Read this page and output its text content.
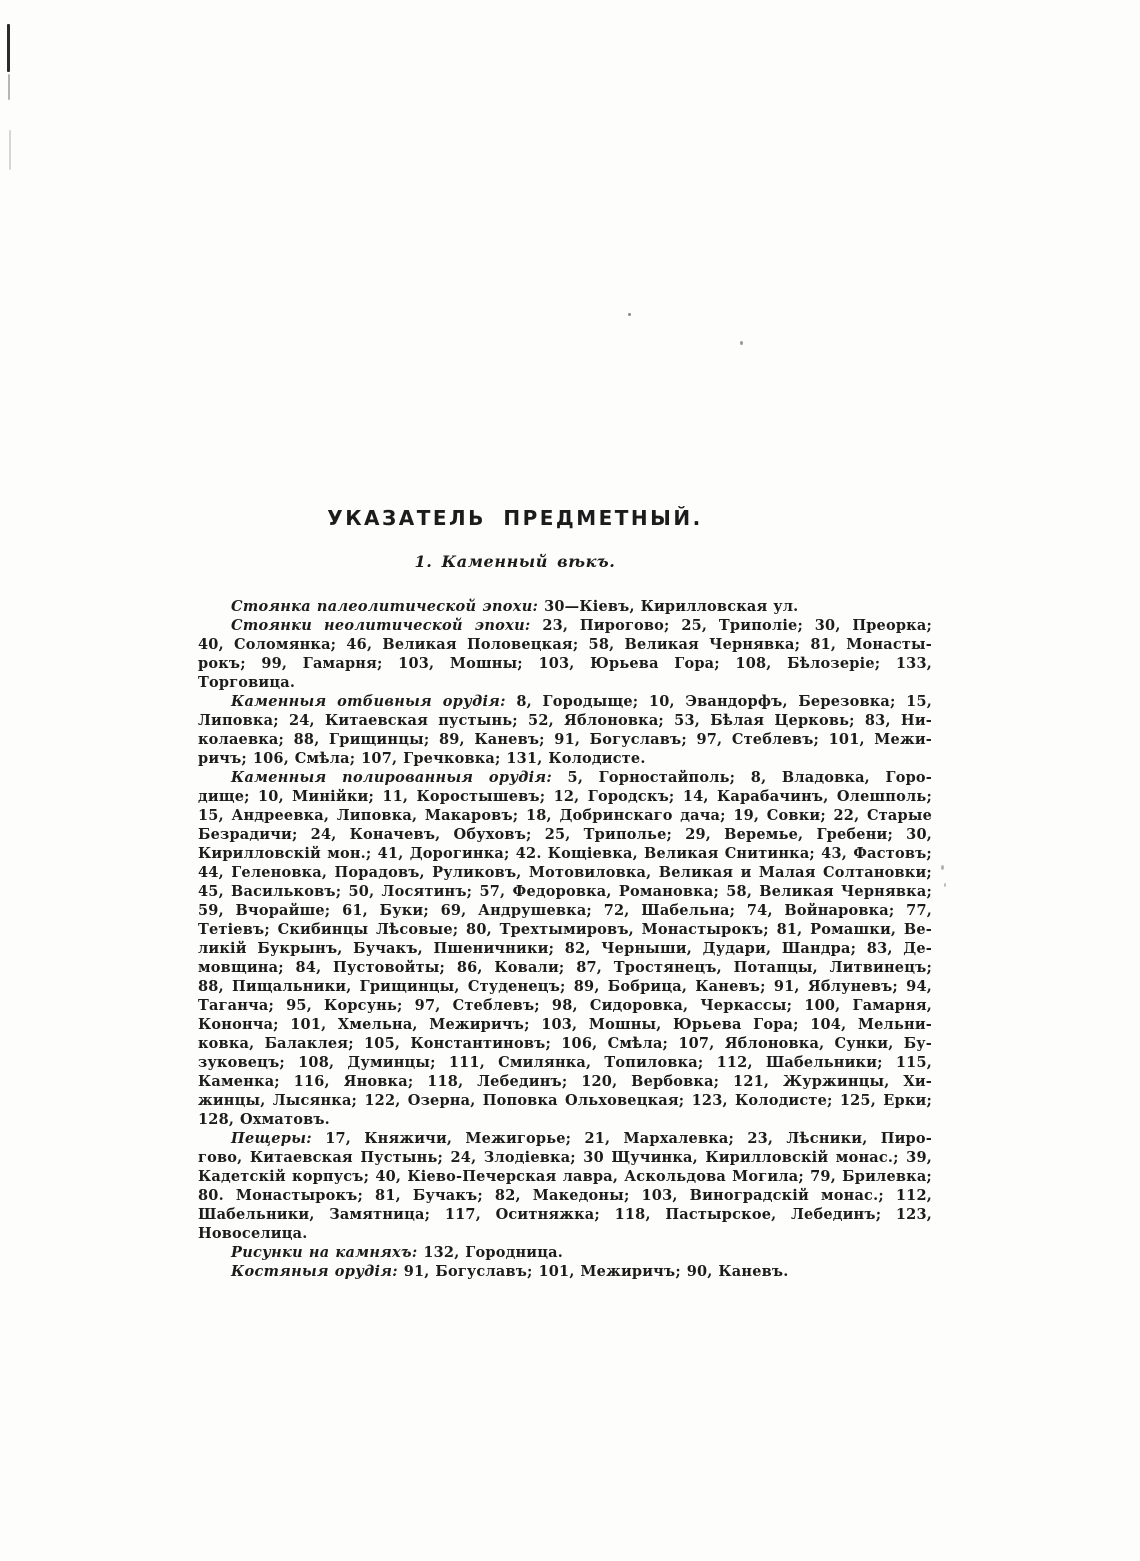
УКАЗАТЕЛЬ ПРЕДМЕТНЫЙ.
1. Каменный вѣкъ.

Стоянка палеолитической эпохи: 30—Кіевъ, Кирилловская ул.

Стоянки неолитической эпохи: 23, Пирогово; 25, Триполіе; 30, Преорка;
40, Соломянка; 46, Великая Половецкая; 58, Великая Чернявка; 81, Монасты-
рокъ; 99, Гамарня; 103, Мошны; 103, Юрьева Гора; 108, Бѣлозеріе; 133,
Торговица.

Каменныя отбивныя орудія: 8, Городыще; 10, Эвандорфъ, Березовка; 15,
Липовка; 24, Китаевская пустынь; 52, Яблоновка; 53, Бѣлая Церковь; 83, Ни-
колаевка; 88, Грищинцы; 89, Каневъ; 91, Богуславъ; 97, Стеблевъ; 101, Межи-
ричъ; 106, Смѣла; 107, Гречковка; 131, Колодисте.

Каменныя полированныя орудія: 5, Горностайполь; 8, Владовка, Горо-
дище; 10, Минійки; 11, Коростышевъ; 12, Городскъ; 14, Карабачинъ, Олешполь;
15, Андреевка, Липовка, Макаровъ; 18, Добринскаго дача; 19, Совки; 22, Старые
Безрадичи; 24, Коначевъ, Обуховъ; 25, Триполье; 29, Веремье, Гребени; 30,
Кирилловскій мон.; 41, Дорогинка; 42. Кощіевка, Великая Снитинка; 43, Фастовъ;
44, Геленовка, Порадовъ, Руликовъ, Мотовиловка, Великая и Малая Солтановки;
45, Васильковъ; 50, Лосятинъ; 57, Федоровка, Романовка; 58, Великая Чернявка;
59, Вчорайше; 61, Буки; 69, Андрушевка; 72, Шабельна; 74, Войнаровка; 77,
Тетіевъ; Скибинцы Лѣсовые; 80, Трехтымировъ, Монастырокъ; 81, Ромашки, Ве-
ликій Букрынъ, Бучакъ, Пшеничники; 82, Черныши, Дудари, Шандра; 83, Де-
мовщина; 84, Пустовойты; 86, Ковали; 87, Тростянецъ, Потапцы, Литвинецъ;
88, Пищальники, Грищинцы, Студенецъ; 89, Бобрица, Каневъ; 91, Яблуневъ; 94,
Таганча; 95, Корсунь; 97, Стеблевъ; 98, Сидоровка, Черкассы; 100, Гамарня,
Кононча; 101, Хмельна, Межиричъ; 103, Мошны, Юрьева Гора; 104, Мельни-
ковка, Балаклея; 105, Константиновъ; 106, Смѣла; 107, Яблоновка, Сунки, Бу-
зуковецъ; 108, Думинцы; 111, Смилянка, Топиловка; 112, Шабельники; 115,
Каменка; 116, Яновка; 118, Лебединъ; 120, Вербовка; 121, Журжинцы, Хи-
жинцы, Лысянка; 122, Озерна, Поповка Ольховецкая; 123, Колодисте; 125, Ерки;
128, Охматовъ.

Пещеры: 17, Княжичи, Межигорье; 21, Мархалевка; 23, Лѣсники, Пиро-
гово, Китаевская Пустынь; 24, Злодіевка; 30 Щучинка, Кирилловскій монас.; 39,
Кадетскій корпусъ; 40, Кіево-Печерская лавра, Аскольдова Могила; 79, Брилевка;
80. Монастырокъ; 81, Бучакъ; 82, Македоны; 103, Виноградскій монас.; 112,
Шабельники, Замятница; 117, Оситняжка; 118, Пастырское, Лебединъ; 123,
Новоселица.

Рисунки на камняхъ: 132, Городница.

Костяныя орудія: 91, Богуславъ; 101, Межиричъ; 90, Каневъ.
